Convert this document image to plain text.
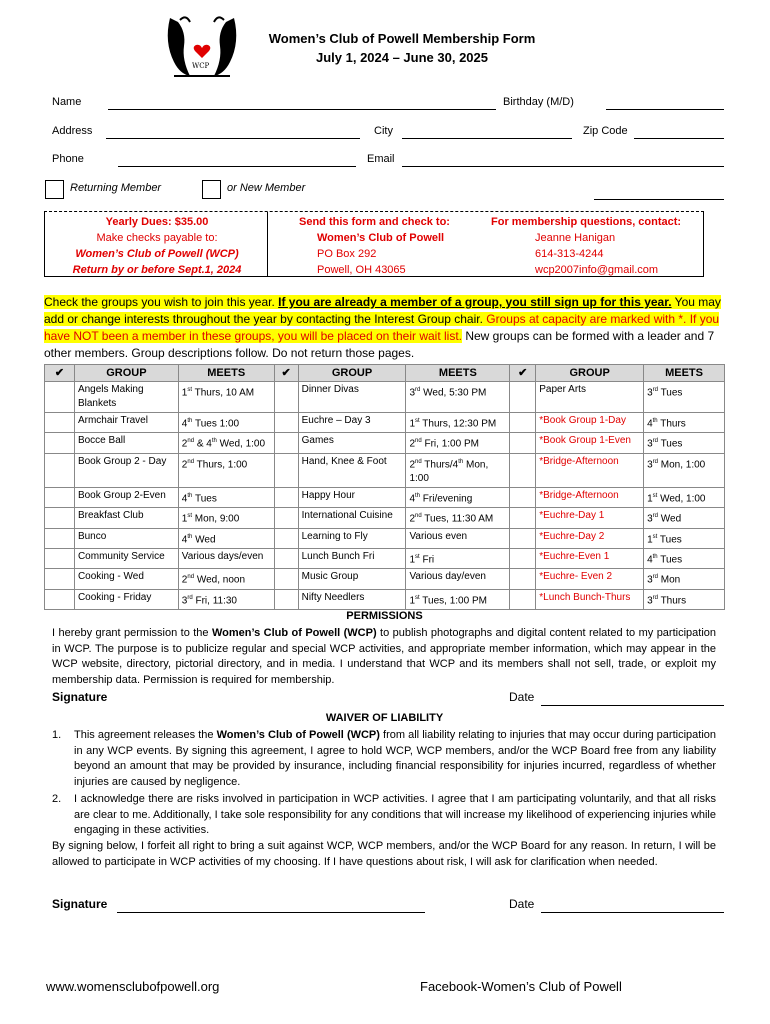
WCP
Women’s Club of Powell Membership Form
July 1, 2024 – June 30, 2025
Name	Birthday (M/D)
Address	City	Zip Code
Phone	Email
Returning Member	or New Member
Yearly Dues: $35.00
Make checks payable to:
Women’s Club of Powell (WCP)
Return by or before Sept.1, 2024
Send this form and check to:
Women’s Club of Powell
PO Box 292
Powell, OH 43065
For membership questions, contact:
Jeanne Hanigan
614-313-4244
wcp2007info@gmail.com
Check the groups you wish to join this year. If you are already a member of a group, you still sign up for this year. You may add or change interests throughout the year by contacting the Interest Group chair. Groups at capacity are marked with *. If you have NOT been a member in these groups, you will be placed on their wait list. New groups can be formed with a leader and 7 other members. Group descriptions follow. Do not return those pages.
✔	GROUP	MEETS	✔	GROUP	MEETS	✔	GROUP	MEETS
	Angels Making Blankets	1st Thurs, 10 AM		Dinner Divas	3rd Wed, 5:30 PM		Paper Arts	3rd Tues
	Armchair Travel	4th Tues 1:00		Euchre – Day 3	1st Thurs, 12:30 PM		*Book Group 1-Day	4th Thurs
	Bocce Ball	2nd & 4th Wed, 1:00		Games	2nd Fri, 1:00 PM		*Book Group 1-Even	3rd Tues
	Book Group 2 - Day	2nd Thurs, 1:00		Hand, Knee & Foot	2nd Thurs/4th Mon, 1:00		*Bridge-Afternoon	3rd Mon, 1:00
	Book Group 2-Even	4th Tues		Happy Hour	4th Fri/evening		*Bridge-Afternoon	1st Wed, 1:00
	Breakfast Club	1st Mon, 9:00		International Cuisine	2nd Tues, 11:30 AM		*Euchre-Day 1	3rd Wed
	Bunco	4th Wed		Learning to Fly	Various even		*Euchre-Day 2	1st Tues
	Community Service	Various days/even		Lunch Bunch Fri	1st Fri		*Euchre-Even 1	4th Tues
	Cooking - Wed	2nd Wed, noon		Music Group	Various day/even		*Euchre- Even 2	3rd Mon
	Cooking - Friday	3rd Fri, 11:30		Nifty Needlers	1st Tues, 1:00 PM		*Lunch Bunch-Thurs	3rd Thurs
PERMISSIONS
I hereby grant permission to the Women’s Club of Powell (WCP) to publish photographs and digital content related to my participation in WCP. The purpose is to publicize regular and special WCP activities, and appropriate member information, which may appear in the WCP website, directory, pictorial directory, and in media. I understand that WCP and its members shall not sell, trade, or exploit my membership data. Permission is required for membership.
Signature	Date
WAIVER OF LIABILITY
1. This agreement releases the Women’s Club of Powell (WCP) from all liability relating to injuries that may occur during participation in any WCP events. By signing this agreement, I agree to hold WCP, WCP members, and/or the WCP Board free from any liability beyond an amount that may be provided by insurance, including financial responsibility for injuries incurred, regardless of whether injuries are caused by negligence.
2. I acknowledge there are risks involved in participation in WCP activities. I agree that I am participating voluntarily, and that all risks are clear to me. Additionally, I take sole responsibility for any conditions that will increase my likelihood of experiencing injuries while engaging in these activities.
By signing below, I forfeit all right to bring a suit against WCP, WCP members, and/or the WCP Board for any reason. In return, I will be allowed to participate in WCP activities of my choosing. If I have questions about risk, I will ask for clarification when needed.
Signature	Date
www.womensclubofpowell.org	Facebook-Women’s Club of Powell
